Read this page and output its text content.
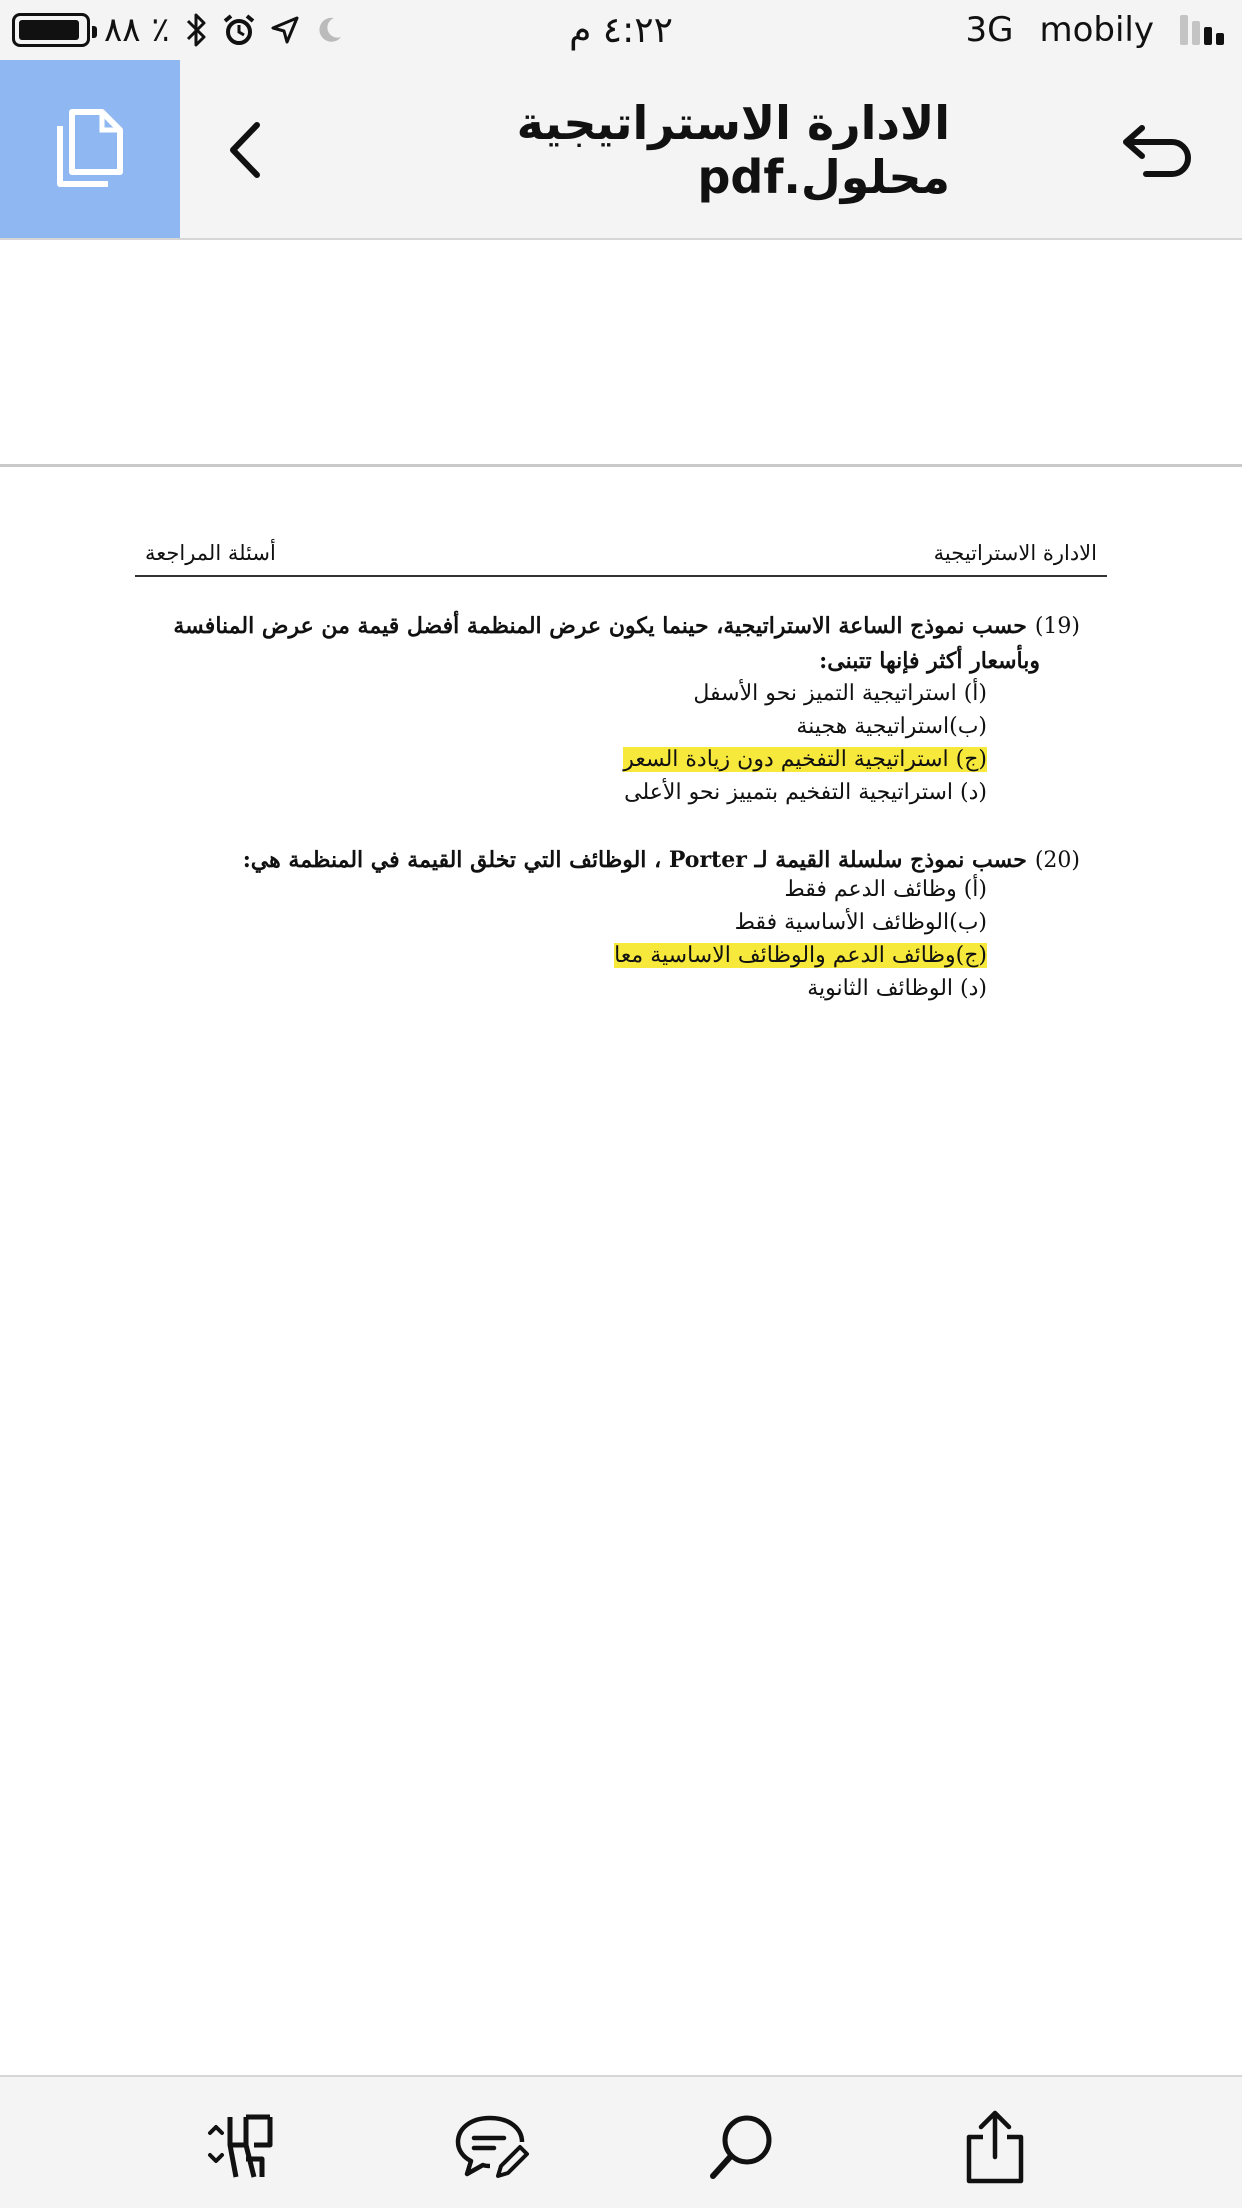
٨٨ ٪	٤:٢٢ م	3G mobily
الادارة الاستراتيجية محلول.pdf
أسئلة المراجعة	الادارة الاستراتيجية
(19)حسب نموذج الساعة الاستراتيجية، حينما يكون عرض المنظمة أفضل قيمة من عرض المنافسة
وبأسعار أكثر فإنها تتبنى:
(أ) استراتيجية التميز نحو الأسفل
(ب)استراتيجية هجينة
(ج) استراتيجية التفخيم دون زيادة السعر
(د) استراتيجية التفخيم بتمييز نحو الأعلى
(20)حسب نموذج سلسلة القيمة لـ Porter ، الوظائف التي تخلق القيمة في المنظمة هي:
(أ) وظائف الدعم فقط
(ب)الوظائف الأساسية فقط
(ج)وظائف الدعم والوظائف الاساسية معا
(د) الوظائف الثانوية
